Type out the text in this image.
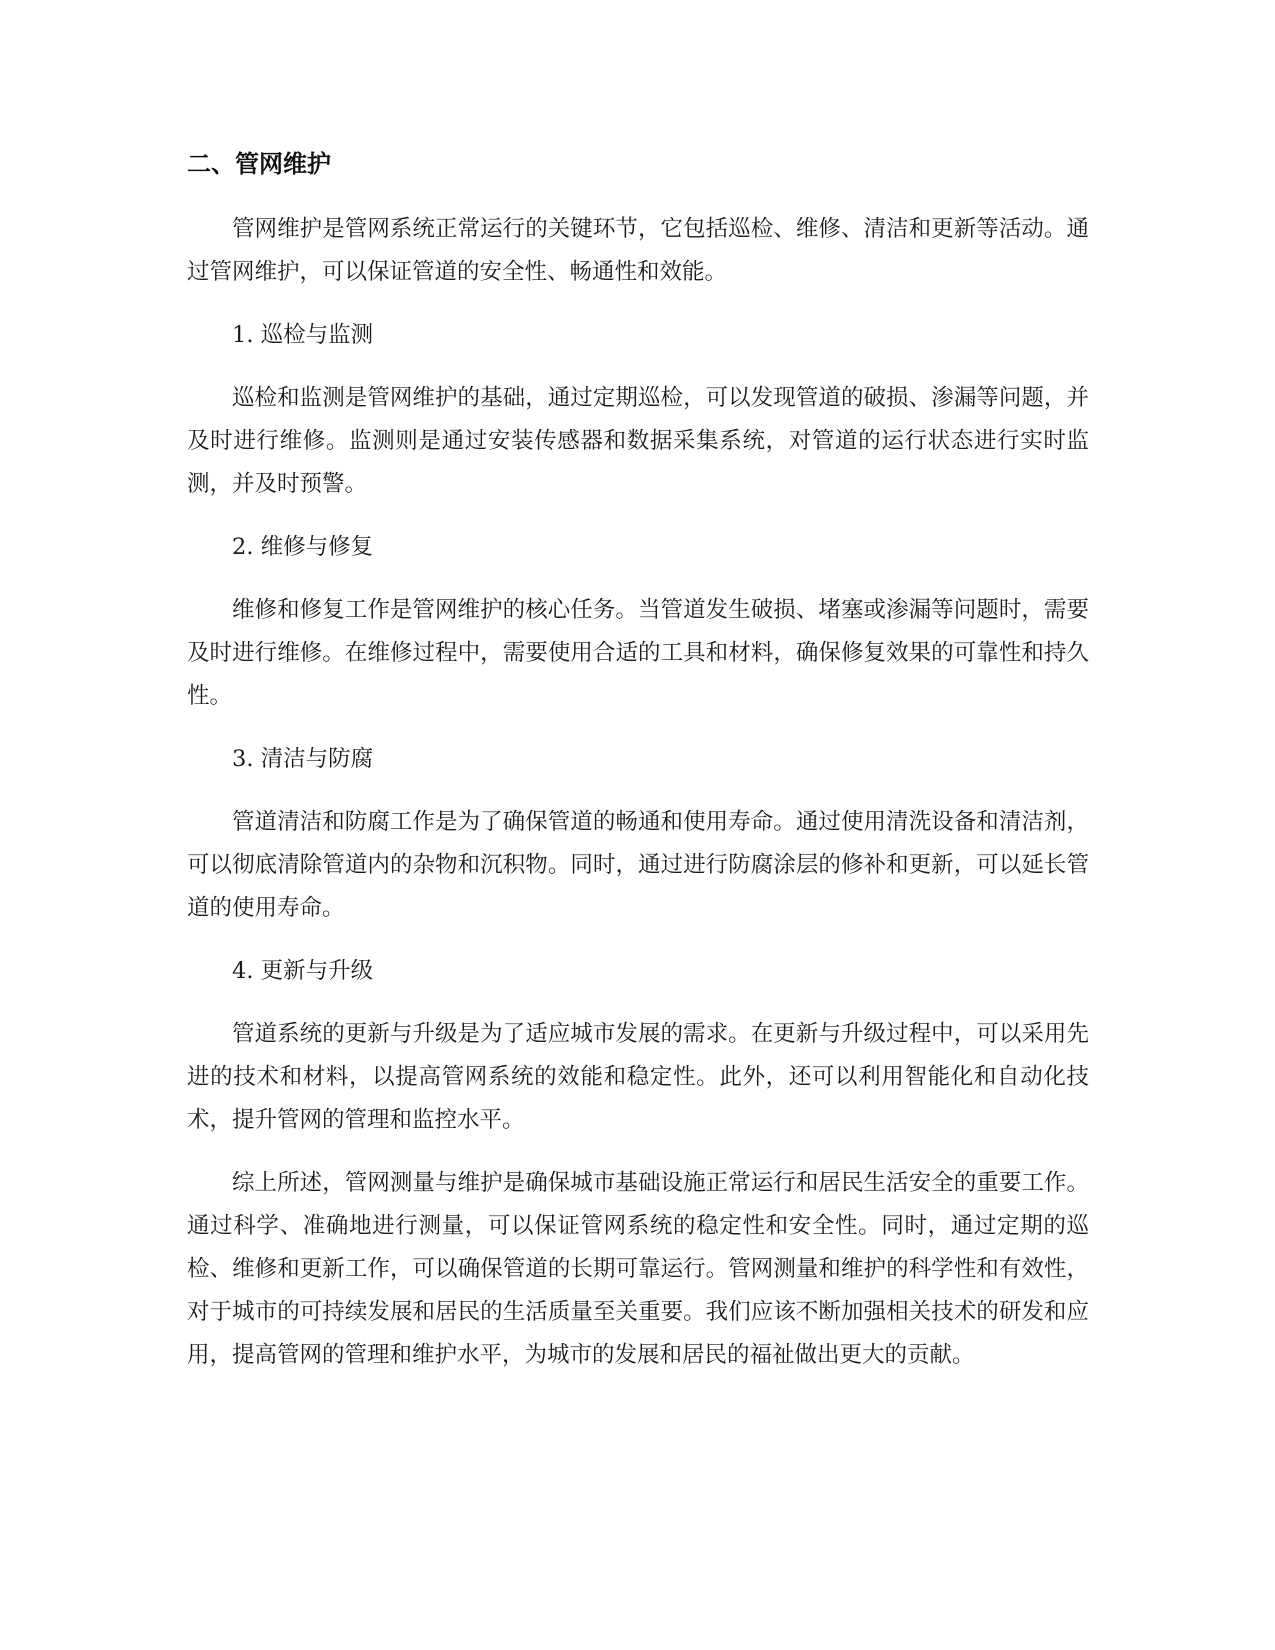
二、管网维护

管网维护是管网系统正常运行的关键环节，它包括巡检、维修、清洁和更新等活动。通过管网维护，可以保证管道的安全性、畅通性和效能。

1. 巡检与监测

巡检和监测是管网维护的基础，通过定期巡检，可以发现管道的破损、渗漏等问题，并及时进行维修。监测则是通过安装传感器和数据采集系统，对管道的运行状态进行实时监测，并及时预警。

2. 维修与修复

维修和修复工作是管网维护的核心任务。当管道发生破损、堵塞或渗漏等问题时，需要及时进行维修。在维修过程中，需要使用合适的工具和材料，确保修复效果的可靠性和持久性。

3. 清洁与防腐

管道清洁和防腐工作是为了确保管道的畅通和使用寿命。通过使用清洗设备和清洁剂，可以彻底清除管道内的杂物和沉积物。同时，通过进行防腐涂层的修补和更新，可以延长管道的使用寿命。

4. 更新与升级

管道系统的更新与升级是为了适应城市发展的需求。在更新与升级过程中，可以采用先进的技术和材料，以提高管网系统的效能和稳定性。此外，还可以利用智能化和自动化技术，提升管网的管理和监控水平。

综上所述，管网测量与维护是确保城市基础设施正常运行和居民生活安全的重要工作。通过科学、准确地进行测量，可以保证管网系统的稳定性和安全性。同时，通过定期的巡检、维修和更新工作，可以确保管道的长期可靠运行。管网测量和维护的科学性和有效性，对于城市的可持续发展和居民的生活质量至关重要。我们应该不断加强相关技术的研发和应用，提高管网的管理和维护水平，为城市的发展和居民的福祉做出更大的贡献。
